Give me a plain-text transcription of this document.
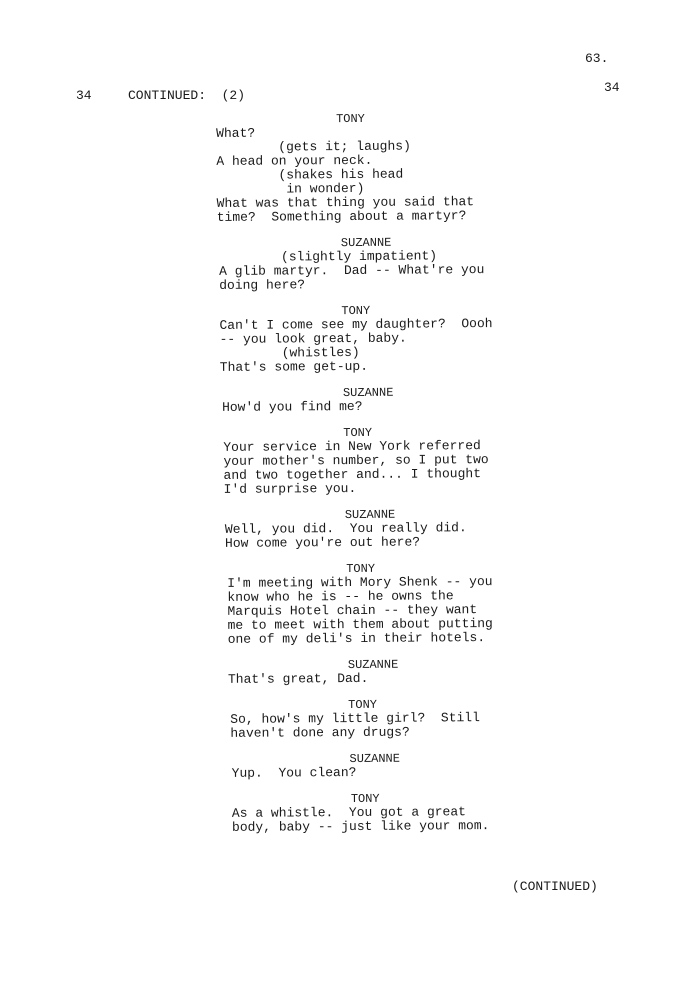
63.
34	CONTINUED:  (2)
34
TONY
What?
(gets it; laughs)
A head on your neck.
(shakes his head
in wonder)
What was that thing you said that
time?  Something about a martyr?
SUZANNE
(slightly impatient)
A glib martyr.  Dad -- What're you
doing here?
TONY
Can't I come see my daughter?  Oooh
-- you look great, baby.
(whistles)
That's some get-up.
SUZANNE
How'd you find me?
TONY
Your service in New York referred
your mother's number, so I put two
and two together and... I thought
I'd surprise you.
SUZANNE
Well, you did.  You really did.
How come you're out here?
TONY
I'm meeting with Mory Shenk -- you
know who he is -- he owns the
Marquis Hotel chain -- they want
me to meet with them about putting
one of my deli's in their hotels.
SUZANNE
That's great, Dad.
TONY
So, how's my little girl?  Still
haven't done any drugs?
SUZANNE
Yup.  You clean?
TONY
As a whistle.  You got a great
body, baby -- just like your mom.
(CONTINUED)
